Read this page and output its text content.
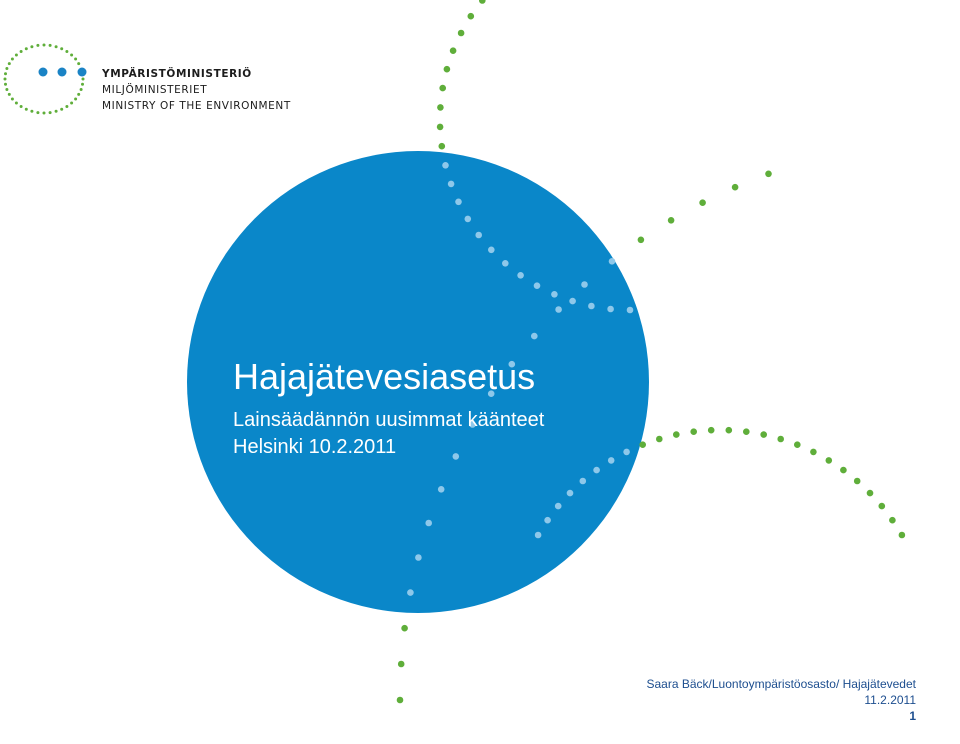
YMPÄRISTÖMINISTERIÖ
MILJÖMINISTERIET
MINISTRY OF THE ENVIRONMENT
Hajajätevesiasetus
Lainsäädännön uusimmat käänteet
Helsinki 10.2.2011
Saara Bäck/Luontoympäristöosasto/ Hajajätevedet
11.2.2011
1
